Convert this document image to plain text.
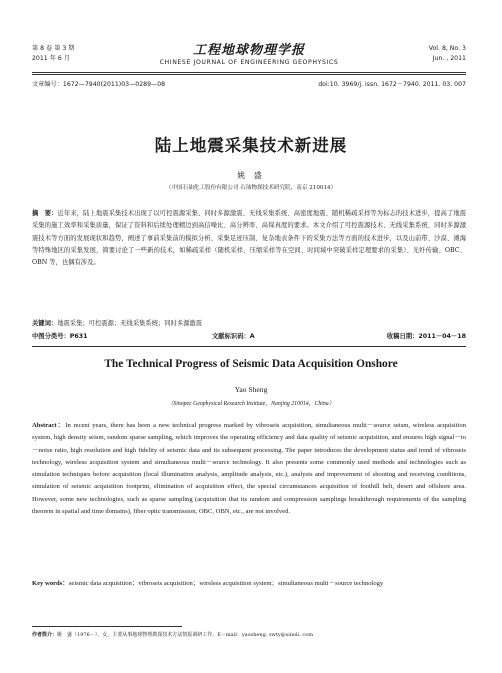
第 8 卷 第 3 期
2011 年 6 月
工程地球物理学报
CHINESE JOURNAL OF ENGINEERING GEOPHYSICS
Vol. 8, No. 3
Jun. , 2011
文章编号：1672—7940(2011)03—0289—08	doi:10. 3969/j. issn. 1672－7940. 2011. 03. 007
陆上地震采集技术新进展
姚 盛
（中国石油化工股份有限公司 石油物探技术研究院，南京 210014）
摘　要：近年来，陆上地震采集技术出现了以可控震源采集、同时多源激震、无线采集系统、高密度地震、随机稀疏采样等为标志的技术进步，提高了地震采集的施工效率和采集质量，保证了资料和后续处理精边到高信噪比、高分辨率、高保真度的要求。本文介绍了可控震源技术、无线采集系统、同时多源激震技术等方面的发展现状和趋势，阐述了事前采集前的模拟分析、采集足迹压制、复杂地表条件下的采集方法等方面的技术进步，以及山前带、沙漠、滩海等特殊地区的采集发展，简要讨论了一些新的技术，如稀疏采样（随机采样、压缩采样等在空间、时间域中突破采样定理要求的采集）、光纤传输、OBC、OBN 等，也偶有涉及。
关键词：地震采集；可控震源；无线采集系统；同时多源激震
中图分类号：P631	文献标识码：A	收稿日期：2011－04－18
The Technical Progress of Seismic Data Acquisition Onshore
Yao Sheng
（Sinopec Geophysical Research Institute，Nanjing 210014，China）
Abstract：In recent years, there has been a new technical progress marked by vibroseis acquisition, simultaneous multi－source seism, wireless acquisition system, high density seism, random sparse sampling, which improves the operating efficiency and data quality of seismic acquisition, and ensures high signal－to－noise ratio, high resolution and high fidelity of seismic data and its subsequent processing. The paper introduces the development status and trend of vibroseis technology, wireless acquisition system and simultaneous multi－source technology. It also presents some commonly used methods and technologies such as simulation techniques before acquisition (local illumination analysis, amplitude analysis, etc.), analysis and improvement of shooting and receiving conditions, simulation of seismic acquisition footprint, elimination of acquisition effect, the special circumstances acquisition of foothill belt, desert and offshore area. However, some new technologies, such as sparse sampling (acquisition that its random and compression samplings breakthrough requirements of the sampling theorem in spatial and time domains), fiber optic transmission, OBC, OBN, etc., are not involved.
Key words：seismic data acquisition；vibroseis acquisition；wireless acquisition system；simultaneous multi－source technology
作者简介：姚　盛（1976－），女，主要从事地球物理勘探技术方法情报调研工作。E－mail：yaosheng. swty@sinoli. com
